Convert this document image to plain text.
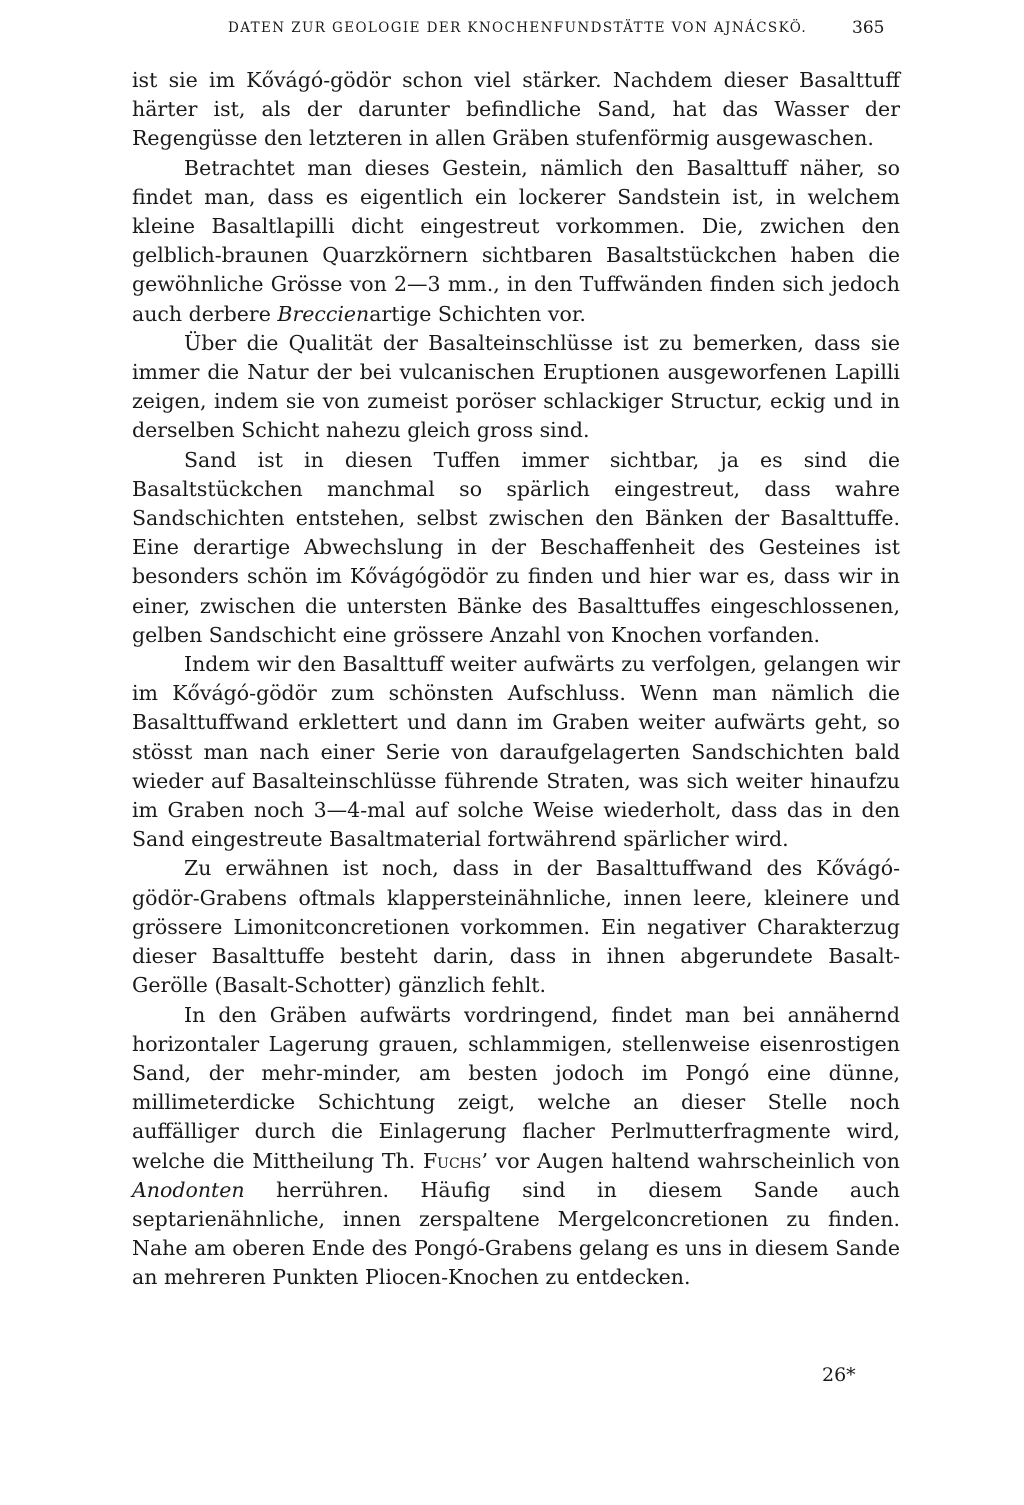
DATEN ZUR GEOLOGIE DER KNOCHENFUNDSTÄTTE VON AJNÁCSKÖ.	365

ist sie im Kővágó-gödör schon viel stärker. Nachdem dieser Basalttuff härter ist, als der darunter befindliche Sand, hat das Wasser der Regengüsse den letzteren in allen Gräben stufenförmig ausgewaschen.

Betrachtet man dieses Gestein, nämlich den Basalttuff näher, so findet man, dass es eigentlich ein lockerer Sandstein ist, in welchem kleine Basaltlapilli dicht eingestreut vorkommen. Die, zwichen den gelblich-braunen Quarzkörnern sichtbaren Basaltstückchen haben die gewöhnliche Grösse von 2—3 mm., in den Tuffwänden finden sich jedoch auch derbere Breccienartige Schichten vor.

Über die Qualität der Basalteinschlüsse ist zu bemerken, dass sie immer die Natur der bei vulcanischen Eruptionen ausgeworfenen Lapilli zeigen, indem sie von zumeist poröser schlackiger Structur, eckig und in derselben Schicht nahezu gleich gross sind.

Sand ist in diesen Tuffen immer sichtbar, ja es sind die Basaltstückchen manchmal so spärlich eingestreut, dass wahre Sandschichten entstehen, selbst zwischen den Bänken der Basalttuffe. Eine derartige Abwechslung in der Beschaffenheit des Gesteines ist besonders schön im Kővágógödör zu finden und hier war es, dass wir in einer, zwischen die untersten Bänke des Basalttuffes eingeschlossenen, gelben Sandschicht eine grössere Anzahl von Knochen vorfanden.

Indem wir den Basalttuff weiter aufwärts zu verfolgen, gelangen wir im Kővágó-gödör zum schönsten Aufschluss. Wenn man nämlich die Basalttuffwand erklettert und dann im Graben weiter aufwärts geht, so stösst man nach einer Serie von daraufgelagerten Sandschichten bald wieder auf Basalteinschlüsse führende Straten, was sich weiter hinaufzu im Graben noch 3—4-mal auf solche Weise wiederholt, dass das in den Sand eingestreute Basaltmaterial fortwährend spärlicher wird.

Zu erwähnen ist noch, dass in der Basalttuffwand des Kővágó-gödör-Grabens oftmals klappersteinähnliche, innen leere, kleinere und grössere Limonitconcretionen vorkommen. Ein negativer Charakterzug dieser Basalttuffe besteht darin, dass in ihnen abgerundete Basalt-Gerölle (Basalt-Schotter) gänzlich fehlt.

In den Gräben aufwärts vordringend, findet man bei annähernd horizontaler Lagerung grauen, schlammigen, stellenweise eisenrostigen Sand, der mehr-minder, am besten jodoch im Pongó eine dünne, millimeterdicke Schichtung zeigt, welche an dieser Stelle noch auffälliger durch die Einlagerung flacher Perlmutterfragmente wird, welche die Mittheilung Th. Fuchs’ vor Augen haltend wahrscheinlich von Anodonten herrühren. Häufig sind in diesem Sande auch septarienähnliche, innen zerspaltene Mergelconcretionen zu finden. Nahe am oberen Ende des Pongó-Grabens gelang es uns in diesem Sande an mehreren Punkten Pliocen-Knochen zu entdecken.

26*
